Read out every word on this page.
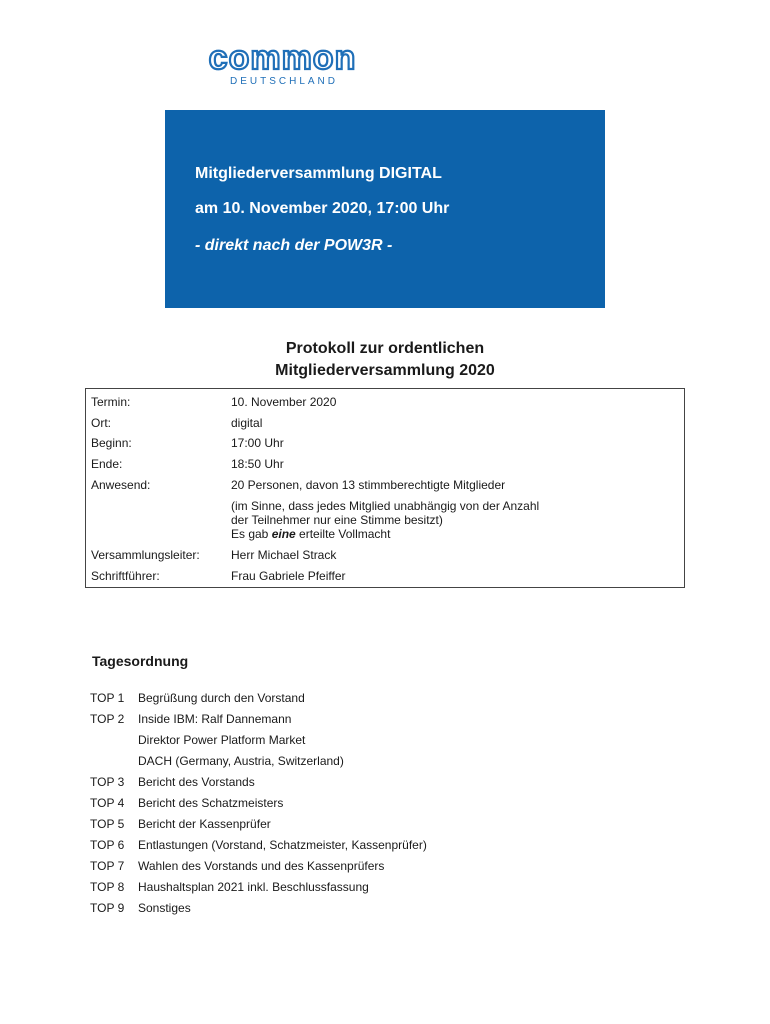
common
DEUTSCHLAND
Mitgliederversammlung DIGITAL
am 10. November 2020, 17:00 Uhr
- direkt nach der POW3R -
Protokoll zur ordentlichen
Mitgliederversammlung 2020
Termin:	10. November 2020
Ort:	digital
Beginn:	17:00 Uhr
Ende:	18:50 Uhr
Anwesend:	20 Personen, davon 13 stimmberechtigte Mitglieder
(im Sinne, dass jedes Mitglied unabhängig von der Anzahl
der Teilnehmer nur eine Stimme besitzt)
Es gab eine erteilte Vollmacht
Versammlungsleiter:	Herr Michael Strack
Schriftführer:	Frau Gabriele Pfeiffer
Tagesordnung
TOP 1 Begrüßung durch den Vorstand
TOP 2 Inside IBM: Ralf Dannemann
Direktor Power Platform Market
DACH (Germany, Austria, Switzerland)
TOP 3 Bericht des Vorstands
TOP 4 Bericht des Schatzmeisters
TOP 5 Bericht der Kassenprüfer
TOP 6 Entlastungen (Vorstand, Schatzmeister, Kassenprüfer)
TOP 7 Wahlen des Vorstands und des Kassenprüfers
TOP 8 Haushaltsplan 2021 inkl. Beschlussfassung
TOP 9 Sonstiges
